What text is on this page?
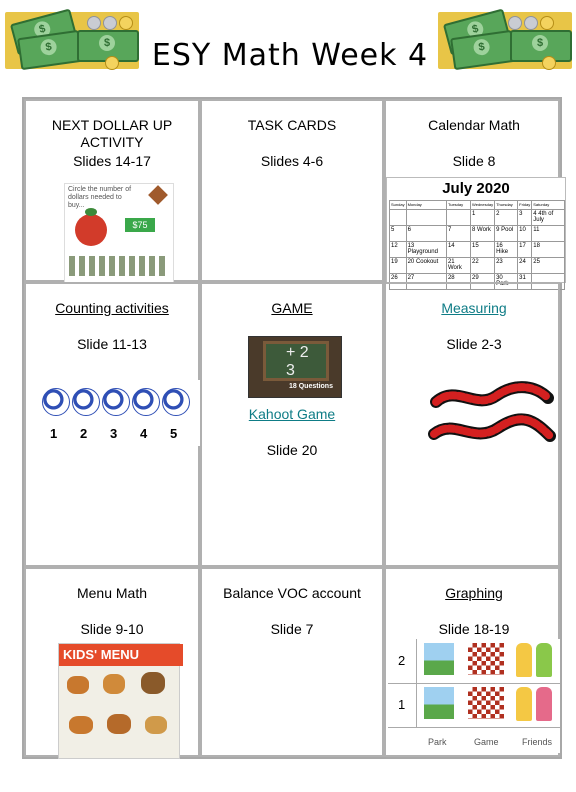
$
$
$
$
$
$
ESY Math Week 4
NEXT DOLLAR UP ACTIVITY
Slides 14-17
Circle the number of dollars needed to buy...
$75
TASK CARDS
Slides 4-6
Calendar Math
Slide 8
July 2020
Sunday	Monday	Tuesday	Wednesday	Thursday	Friday	Saturday
			1	2	3	4 4th of July
5	6	7	8 Work	9 Pool	10	11
12	13 Playground	14	15	16 Hike	17	18
19	20 Cookout	21 Work	22	23	24	25
26	27	28	29	30 Park	31	
Counting activities
Slide 11-13
1 2 3 4 5
GAME
+ 2
3
18 Questions
Kahoot Game
Slide 20
Measuring
Slide 2-3
Menu Math
Slide 9-10
KIDS' MENU
Balance VOC account
Slide 7
Graphing
Slide 18-19
2
1
Park	Game	Friends
